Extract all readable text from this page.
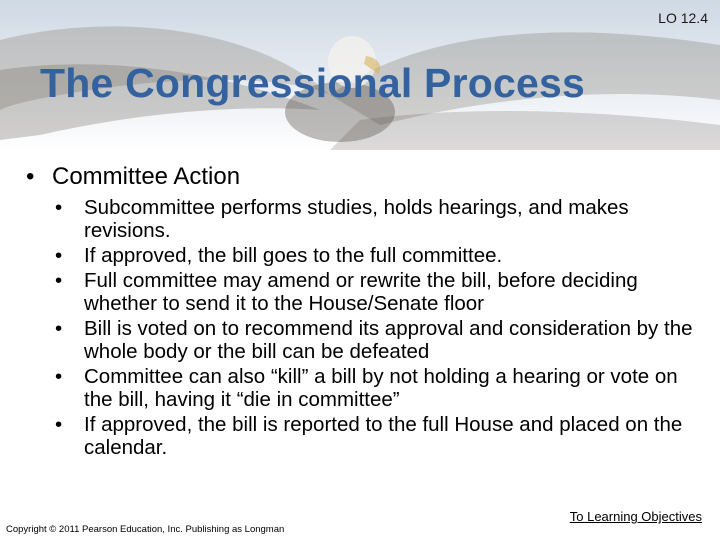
LO 12.4
The Congressional Process
• Committee Action
• Subcommittee performs studies, holds hearings, and makes revisions.
• If approved, the bill goes to the full committee.
• Full committee may amend or rewrite the bill, before deciding whether to send it to the House/Senate floor
• Bill is voted on to recommend its approval and consideration by the whole body or the bill can be defeated
• Committee can also “kill” a bill by not holding a hearing or vote on the bill, having it “die in committee”
• If approved, the bill is reported to the full House and placed on the calendar.
To Learning Objectives
Copyright © 2011 Pearson Education, Inc. Publishing as Longman
